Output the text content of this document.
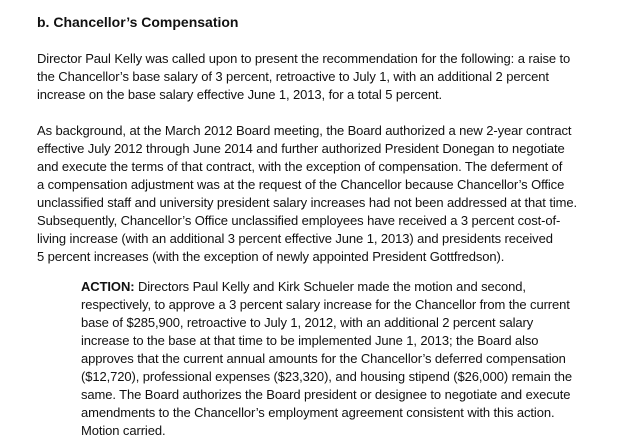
b. Chancellor’s Compensation
Director Paul Kelly was called upon to present the recommendation for the following: a raise to
the Chancellor’s base salary of 3 percent, retroactive to July 1, with an additional 2 percent
increase on the base salary effective June 1, 2013, for a total 5 percent.
As background, at the March 2012 Board meeting, the Board authorized a new 2-year contract
effective July 2012 through June 2014 and further authorized President Donegan to negotiate
and execute the terms of that contract, with the exception of compensation. The deferment of
a compensation adjustment was at the request of the Chancellor because Chancellor’s Office
unclassified staff and university president salary increases had not been addressed at that time.
Subsequently, Chancellor’s Office unclassified employees have received a 3 percent cost-of-
living increase (with an additional 3 percent effective June 1, 2013) and presidents received
5 percent increases (with the exception of newly appointed President Gottfredson).
ACTION: Directors Paul Kelly and Kirk Schueler made the motion and second,
respectively, to approve a 3 percent salary increase for the Chancellor from the current
base of $285,900, retroactive to July 1, 2012, with an additional 2 percent salary
increase to the base at that time to be implemented June 1, 2013; the Board also
approves that the current annual amounts for the Chancellor’s deferred compensation
($12,720), professional expenses ($23,320), and housing stipend ($26,000) remain the
same. The Board authorizes the Board president or designee to negotiate and execute
amendments to the Chancellor’s employment agreement consistent with this action.
Motion carried.
